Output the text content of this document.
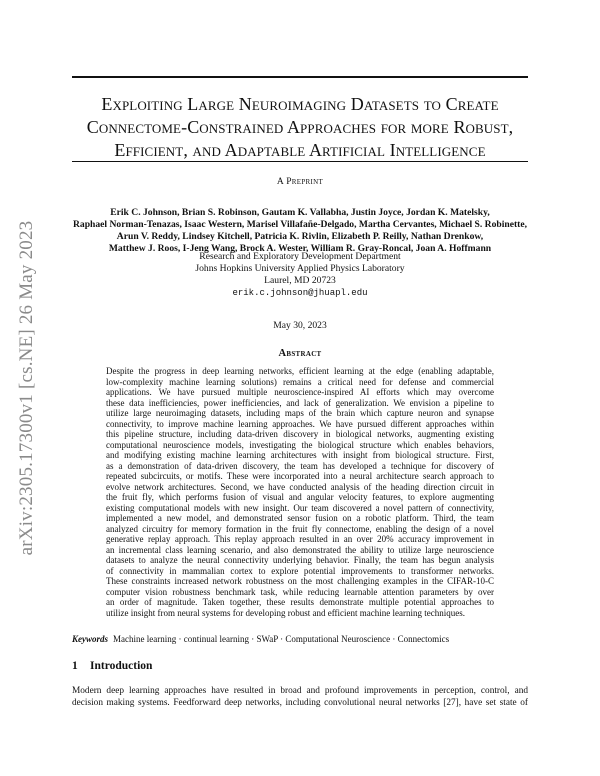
arXiv:2305.17300v1 [cs.NE] 26 May 2023
Exploiting Large Neuroimaging Datasets to Create
Connectome-Constrained Approaches for more Robust,
Efficient, and Adaptable Artificial Intelligence
A Preprint
Erik C. Johnson, Brian S. Robinson, Gautam K. Vallabha, Justin Joyce, Jordan K. Matelsky,
Raphael Norman-Tenazas, Isaac Western, Marisel Villafañe-Delgado, Martha Cervantes, Michael S. Robinette,
Arun V. Reddy, Lindsey Kitchell, Patricia K. Rivlin, Elizabeth P. Reilly, Nathan Drenkow,
Matthew J. Roos, I-Jeng Wang, Brock A. Wester, William R. Gray-Roncal, Joan A. Hoffmann
Research and Exploratory Development Department
Johns Hopkins University Applied Physics Laboratory
Laurel, MD 20723
erik.c.johnson@jhuapl.edu
May 30, 2023
Abstract
Despite the progress in deep learning networks, efficient learning at the edge (enabling adaptable,
low-complexity machine learning solutions) remains a critical need for defense and commercial
applications. We have pursued multiple neuroscience-inspired AI efforts which may overcome
these data inefficiencies, power inefficiencies, and lack of generalization. We envision a pipeline to
utilize large neuroimaging datasets, including maps of the brain which capture neuron and synapse
connectivity, to improve machine learning approaches. We have pursued different approaches within
this pipeline structure, including data-driven discovery in biological networks, augmenting existing
computational neuroscience models, investigating the biological structure which enables behaviors,
and modifying existing machine learning architectures with insight from biological structure. First,
as a demonstration of data-driven discovery, the team has developed a technique for discovery of
repeated subcircuits, or motifs. These were incorporated into a neural architecture search approach to
evolve network architectures. Second, we have conducted analysis of the heading direction circuit in
the fruit fly, which performs fusion of visual and angular velocity features, to explore augmenting
existing computational models with new insight. Our team discovered a novel pattern of connectivity,
implemented a new model, and demonstrated sensor fusion on a robotic platform. Third, the team
analyzed circuitry for memory formation in the fruit fly connectome, enabling the design of a novel
generative replay approach. This replay approach resulted in an over 20% accuracy improvement in
an incremental class learning scenario, and also demonstrated the ability to utilize large neuroscience
datasets to analyze the neural connectivity underlying behavior. Finally, the team has begun analysis
of connectivity in mammalian cortex to explore potential improvements to transformer networks.
These constraints increased network robustness on the most challenging examples in the CIFAR-10-C
computer vision robustness benchmark task, while reducing learnable attention parameters by over
an order of magnitude. Taken together, these results demonstrate multiple potential approaches to
utilize insight from neural systems for developing robust and efficient machine learning techniques.
Keywords Machine learning · continual learning · SWaP · Computational Neuroscience · Connectomics
1 Introduction
Modern deep learning approaches have resulted in broad and profound improvements in perception, control, and
decision making systems. Feedforward deep networks, including convolutional neural networks [27], have set state of
